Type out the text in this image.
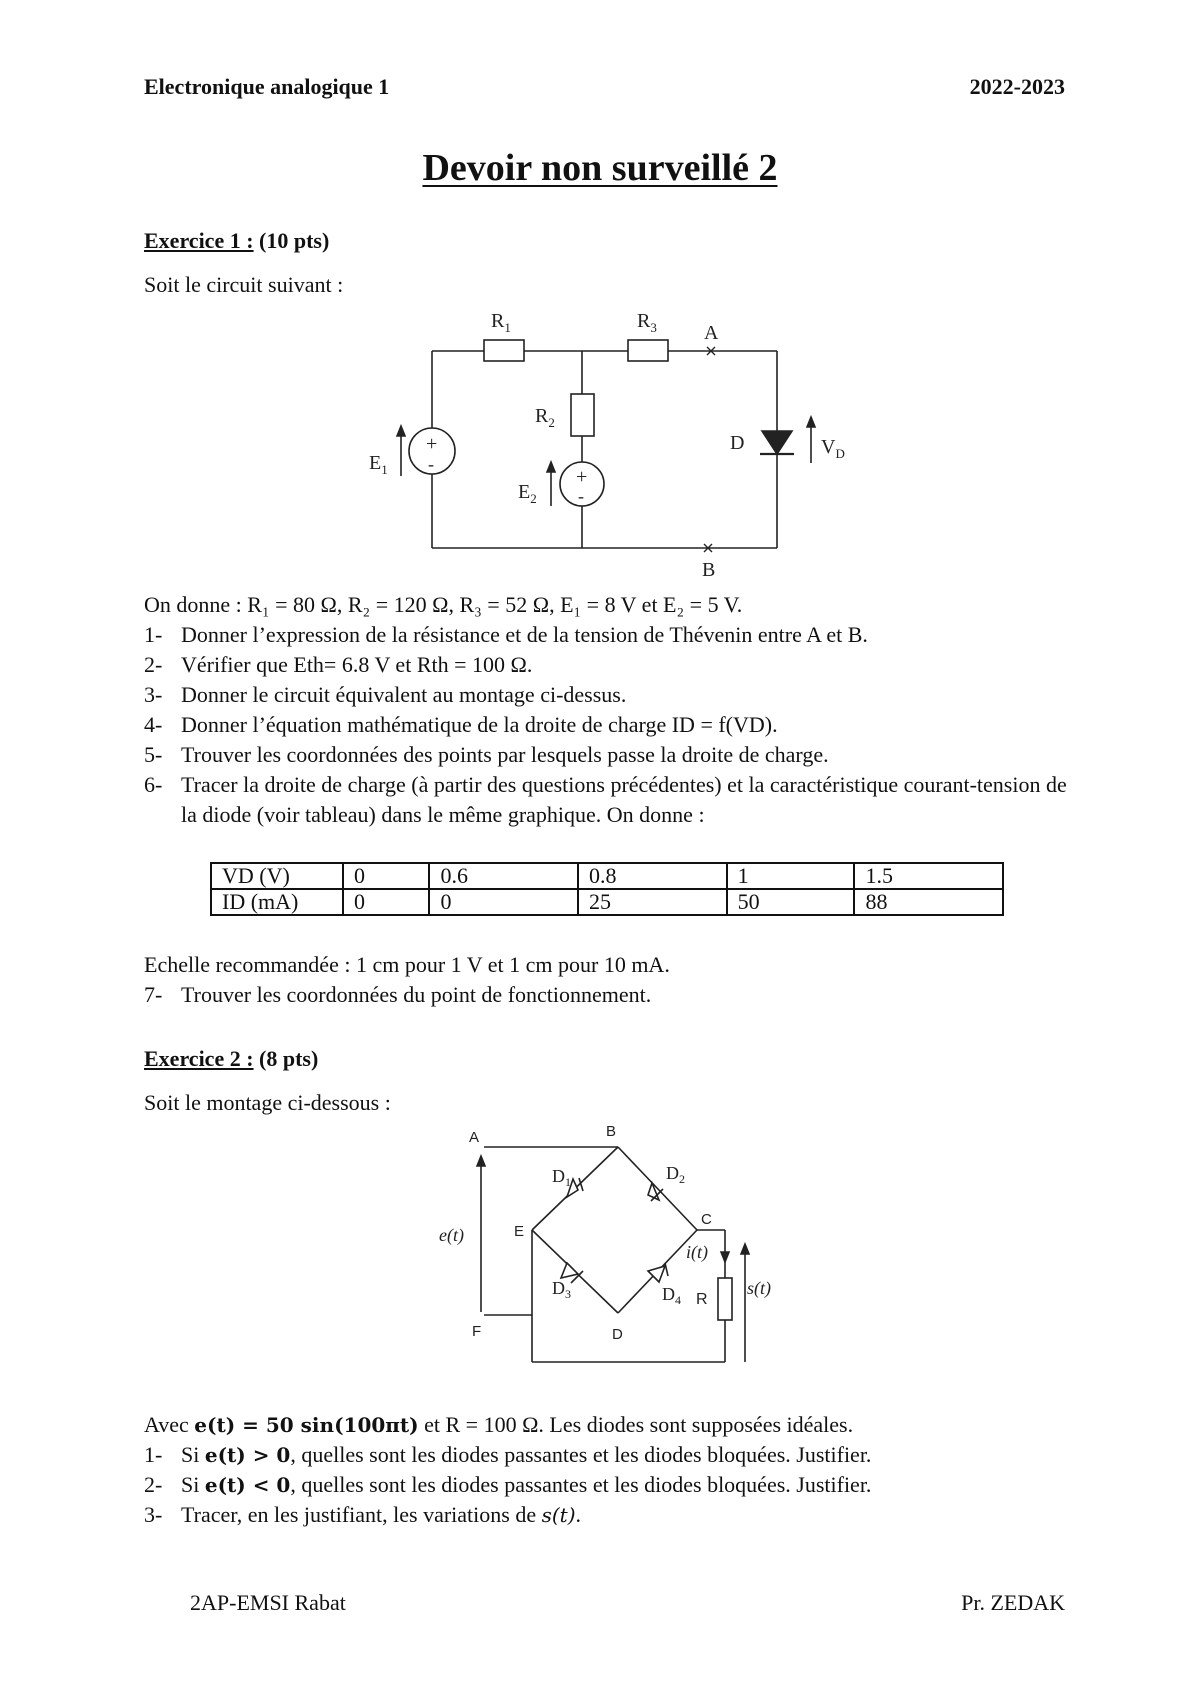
Electronique analogique 1	2022-2023
Devoir non surveillé 2
Exercice 1 : (10 pts)
Soit le circuit suivant :
$R_1$	$R_3$
$R_2$
$E_1$
$E_2$
A
B
D	$V_D$
+
-
+
-
On donne : R₁ = 80 Ω, R₂ = 120 Ω, R₃ = 52 Ω, E₁ = 8 V et E₂ = 5 V.
1- Donner l’expression de la résistance et de la tension de Thévenin entre A et B.
2- Vérifier que Eth= 6.8 V et Rth = 100 Ω.
3- Donner le circuit équivalent au montage ci-dessus.
4- Donner l’équation mathématique de la droite de charge ID = f(VD).
5- Trouver les coordonnées des points par lesquels passe la droite de charge.
6- Tracer la droite de charge (à partir des questions précédentes) et la caractéristique courant-tension de la diode (voir tableau) dans le même graphique. On donne :
VD (V)	0	0.6	0.8	1	1.5
ID (mA)	0	0	25	50	88
Echelle recommandée : 1 cm pour 1 V et 1 cm pour 10 mA.
7- Trouver les coordonnées du point de fonctionnement.
Exercice 2 : (8 pts)
Soit le montage ci-dessous :
A	B
C
D
E
F
$D_1$	$D_2$
$D_3$	$D_4$ R
e(t)
i(t)
s(t)
Avec e(t) = 50 sin(100πt) et R = 100 Ω. Les diodes sont supposées idéales.
1- Si e(t) > 0, quelles sont les diodes passantes et les diodes bloquées. Justifier.
2- Si e(t) < 0, quelles sont les diodes passantes et les diodes bloquées. Justifier.
3- Tracer, en les justifiant, les variations de s(t).
2AP-EMSI Rabat	Pr. ZEDAK
